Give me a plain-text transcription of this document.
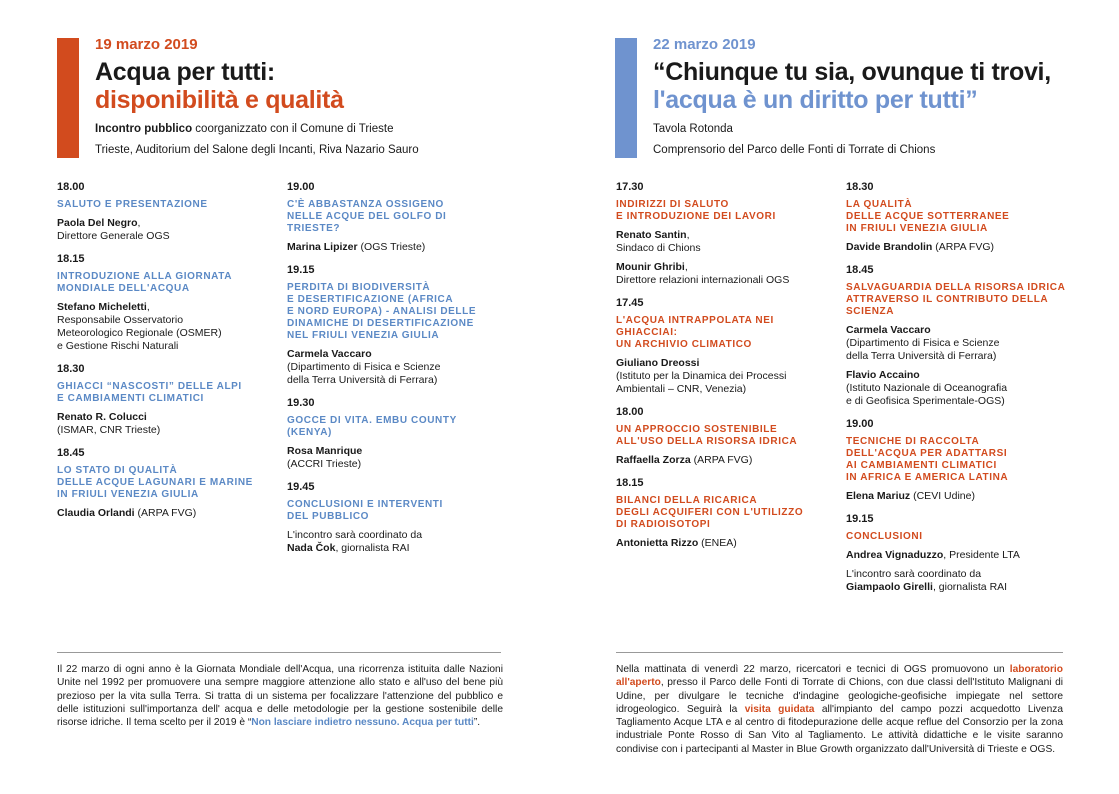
19 marzo 2019
Acqua per tutti:
disponibilità e qualità
Incontro pubblico coorganizzato con il Comune di Trieste
Trieste, Auditorium del Salone degli Incanti, Riva Nazario Sauro
22 marzo 2019
“Chiunque tu sia, ovunque ti trovi,
l'acqua è un diritto per tutti”
Tavola Rotonda
Comprensorio del Parco delle Fonti di Torrate di Chions
18.00
SALUTO E PRESENTAZIONE

Paola Del Negro,
Direttore Generale OGS

18.15
INTRODUZIONE ALLA GIORNATA
MONDIALE DELL'ACQUA

Stefano Micheletti,
Responsabile Osservatorio
Meteorologico Regionale (OSMER)
e Gestione Rischi Naturali

18.30
GHIACCI “NASCOSTI” DELLE ALPI
E CAMBIAMENTI CLIMATICI

Renato R. Colucci
(ISMAR, CNR Trieste)

18.45
LO STATO DI QUALITÀ
DELLE ACQUE LAGUNARI E MARINE
IN FRIULI VENEZIA GIULIA

Claudia Orlandi (ARPA FVG)

19.00
C'È ABBASTANZA OSSIGENO
NELLE ACQUE DEL GOLFO DI TRIESTE?

Marina Lipizer (OGS Trieste)

19.15
PERDITA DI BIODIVERSITÀ
E DESERTIFICAZIONE (AFRICA
E NORD EUROPA) - ANALISI DELLE
DINAMICHE DI DESERTIFICAZIONE
NEL FRIULI VENEZIA GIULIA

Carmela Vaccaro
(Dipartimento di Fisica e Scienze
della Terra Università di Ferrara)

19.30
GOCCE DI VITA. EMBU COUNTY (KENYA)

Rosa Manrique
(ACCRI Trieste)

19.45
CONCLUSIONI E INTERVENTI
DEL PUBBLICO

L'incontro sarà coordinato da
Nada Čok, giornalista RAI

17.30
INDIRIZZI DI SALUTO
E INTRODUZIONE DEI LAVORI

Renato Santin,
Sindaco di Chions

Mounir Ghribi,
Direttore relazioni internazionali OGS

17.45
L'ACQUA INTRAPPOLATA NEI GHIACCIAI:
UN ARCHIVIO CLIMATICO

Giuliano Dreossi
(Istituto per la Dinamica dei Processi
Ambientali – CNR, Venezia)

18.00
UN APPROCCIO SOSTENIBILE
ALL'USO DELLA RISORSA IDRICA

Raffaella Zorza (ARPA FVG)

18.15
BILANCI DELLA RICARICA
DEGLI ACQUIFERI CON L'UTILIZZO
DI RADIOISOTOPI

Antonietta Rizzo (ENEA)

18.30
LA QUALITÀ
DELLE ACQUE SOTTERRANEE
IN FRIULI VENEZIA GIULIA

Davide Brandolin (ARPA FVG)

18.45
SALVAGUARDIA DELLA RISORSA IDRICA
ATTRAVERSO IL CONTRIBUTO DELLA
SCIENZA

Carmela Vaccaro
(Dipartimento di Fisica e Scienze
della Terra Università di Ferrara)

Flavio Accaino
(Istituto Nazionale di Oceanografia
e di Geofisica Sperimentale-OGS)

19.00
TECNICHE DI RACCOLTA
DELL'ACQUA PER ADATTARSI
AI CAMBIAMENTI CLIMATICI
IN AFRICA E AMERICA LATINA

Elena Mariuz (CEVI Udine)

19.15
CONCLUSIONI

Andrea Vignaduzzo, Presidente LTA

L'incontro sarà coordinato da
Giampaolo Girelli, giornalista RAI

Il 22 marzo di ogni anno è la Giornata Mondiale dell'Acqua, una ricorrenza istituita dalle Nazioni Unite nel 1992 per promuovere una sempre maggiore attenzione allo stato e all'uso del bene più prezioso per la vita sulla Terra. Si tratta di un sistema per focalizzare l'attenzione del pubblico e delle istituzioni sull'importanza dell' acqua e delle metodologie per la gestione sostenibile delle risorse idriche. Il tema scelto per il 2019 è “Non lasciare indietro nessuno. Acqua per tutti”.
Nella mattinata di venerdì 22 marzo, ricercatori e tecnici di OGS promuovono un laboratorio all'aperto, presso il Parco delle Fonti di Torrate di Chions, con due classi dell'Istituto Malignani di Udine, per divulgare le tecniche d'indagine geologiche-geofisiche impiegate nel settore idrogeologico. Seguirà la visita guidata all'impianto del campo pozzi acquedotto Livenza Tagliamento Acque LTA e al centro di fitodepurazione delle acque reflue del Consorzio per la zona industriale Ponte Rosso di San Vito al Tagliamento. Le attività didattiche e le visite saranno condivise con i partecipanti al Master in Blue Growth organizzato dall'Università di Trieste e OGS.
